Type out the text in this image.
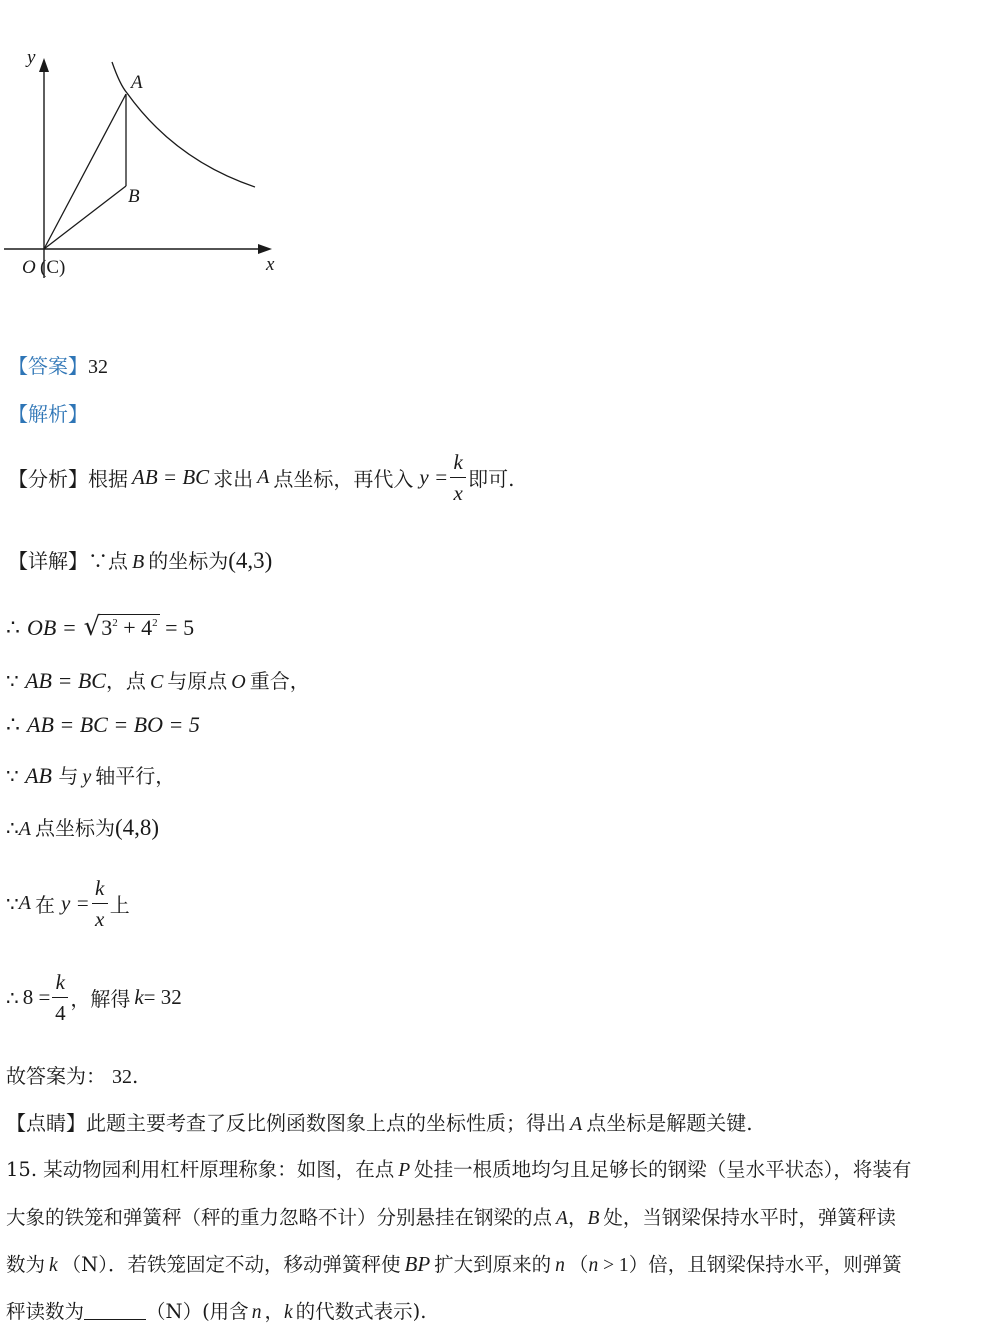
y
x
A
B
O (C)
【答案】32
【解析】
【分析】 根据 AB = BC 求出 A 点坐标，再代入 $y = \frac{k}{x}$ 即可.
【详解】∵点 B 的坐标为(4,3)
∴ OB = $√3^2 + 4^2 = 5$
∵ AB = BC，点 C 与原点 O 重合，
∴ AB = BC = BO = 5
∵ AB 与 y 轴平行，
∴A 点坐标为(4,8)
∵ A 在 $y = \frac{k}{x}$ 上
∴ $8 = \frac{k}{4}$ ，解得 k = 32
故答案为： 32.
【点睛】此题主要考查了反比例函数图象上点的坐标性质；得出 A 点坐标是解题关键.
15. 某动物园利用杠杆原理称象：如图，在点 P 处挂一根质地均匀且足够长的钢梁（呈水平状态），将装有
大象的铁笼和弹簧秤（秤的重力忽略不计）分别悬挂在钢梁的点 A，B 处，当钢梁保持水平时，弹簧秤读
数为 k （N）．若铁笼固定不动，移动弹簧秤使 BP 扩大到原来的 n （n > 1）倍，且钢梁保持水平，则弹簧
秤读数为	（N）(用含 n ，k 的代数式表示).
